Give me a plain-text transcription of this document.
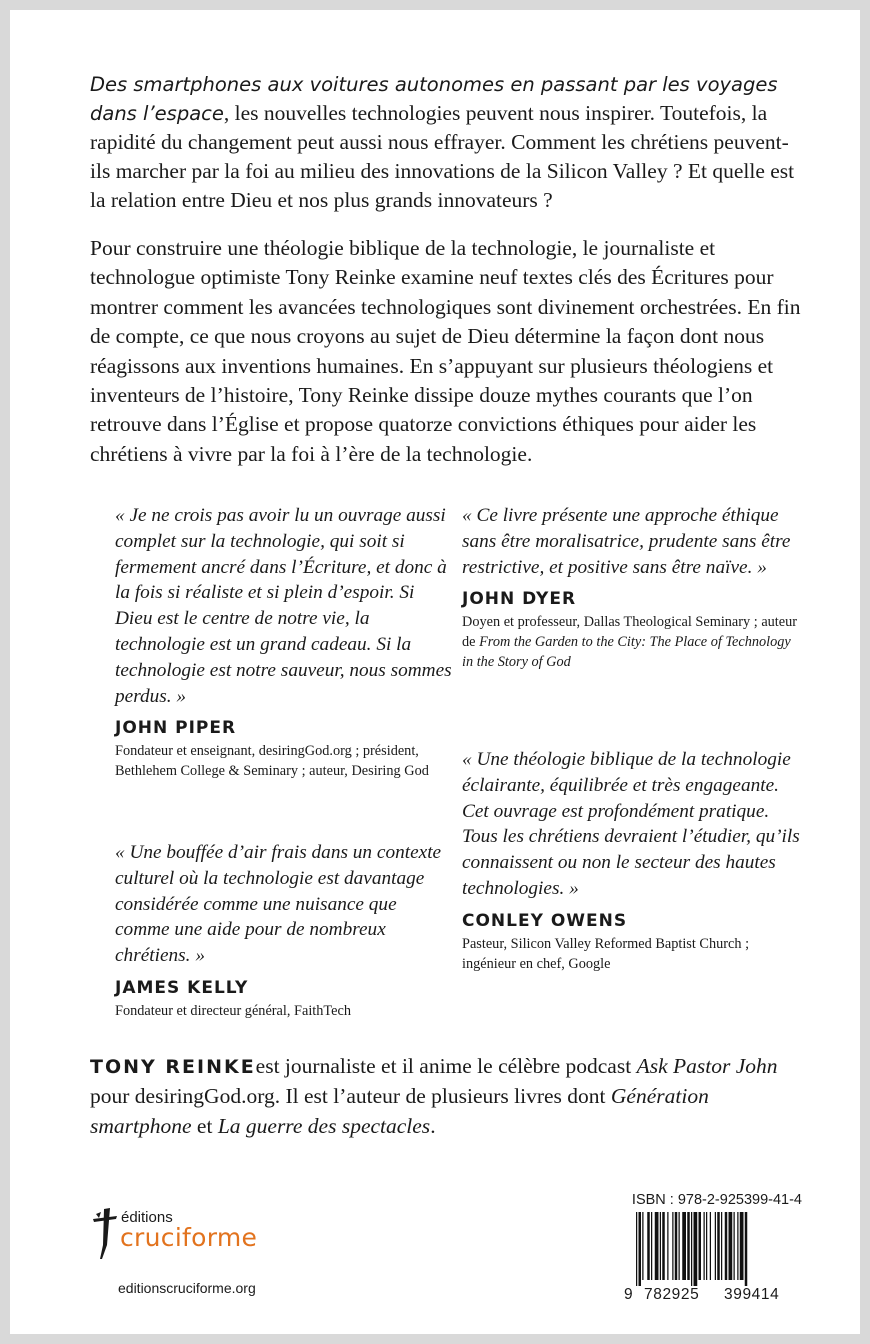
Des smartphones aux voitures autonomes en passant par les voyages dans l’espace, les nouvelles technologies peuvent nous inspirer. Toutefois, la rapidité du changement peut aussi nous effrayer. Comment les chrétiens peuvent-ils marcher par la foi au milieu des innovations de la Silicon Valley ? Et quelle est la relation entre Dieu et nos plus grands innovateurs ?

Pour construire une théologie biblique de la technologie, le journaliste et technologue optimiste Tony Reinke examine neuf textes clés des Écritures pour montrer comment les avancées technologiques sont divinement orchestrées. En fin de compte, ce que nous croyons au sujet de Dieu détermine la façon dont nous réagissons aux inventions humaines. En s’appuyant sur plusieurs théologiens et inventeurs de l’histoire, Tony Reinke dissipe douze mythes courants que l’on retrouve dans l’Église et propose quatorze convictions éthiques pour aider les chrétiens à vivre par la foi à l’ère de la technologie.

« Je ne crois pas avoir lu un ouvrage aussi complet sur la technologie, qui soit si fermement ancré dans l’Écriture, et donc à la fois si réaliste et si plein d’espoir. Si Dieu est le centre de notre vie, la technologie est un grand cadeau. Si la technologie est notre sauveur, nous sommes perdus. »

JOHN PIPER

Fondateur et enseignant, desiringGod.org ; président, Bethlehem College & Seminary ; auteur, Desiring God

« Une bouffée d’air frais dans un contexte culturel où la technologie est davantage considérée comme une nuisance que comme une aide pour de nombreux chrétiens. »

JAMES KELLY

Fondateur et directeur général, FaithTech

« Ce livre présente une approche éthique sans être moralisatrice, prudente sans être restrictive, et positive sans être naïve. »

JOHN DYER

Doyen et professeur, Dallas Theological Seminary ; auteur de From the Garden to the City: The Place of Technology in the Story of God

« Une théologie biblique de la technologie éclairante, équilibrée et très engageante. Cet ouvrage est profondément pratique. Tous les chrétiens devraient l’étudier, qu’ils connaissent ou non le secteur des hautes technologies. »

CONLEY OWENS

Pasteur, Silicon Valley Reformed Baptist Church ; ingénieur en chef, Google

TONY REINKEest journaliste et il anime le célèbre podcast Ask Pastor John pour desiringGod.org. Il est l’auteur de plusieurs livres dont Génération smartphone et La guerre des spectacles.

éditions
cruciforme
editionscruciforme.org
ISBN : 978-2-925399-41-4
9 782925 399414
